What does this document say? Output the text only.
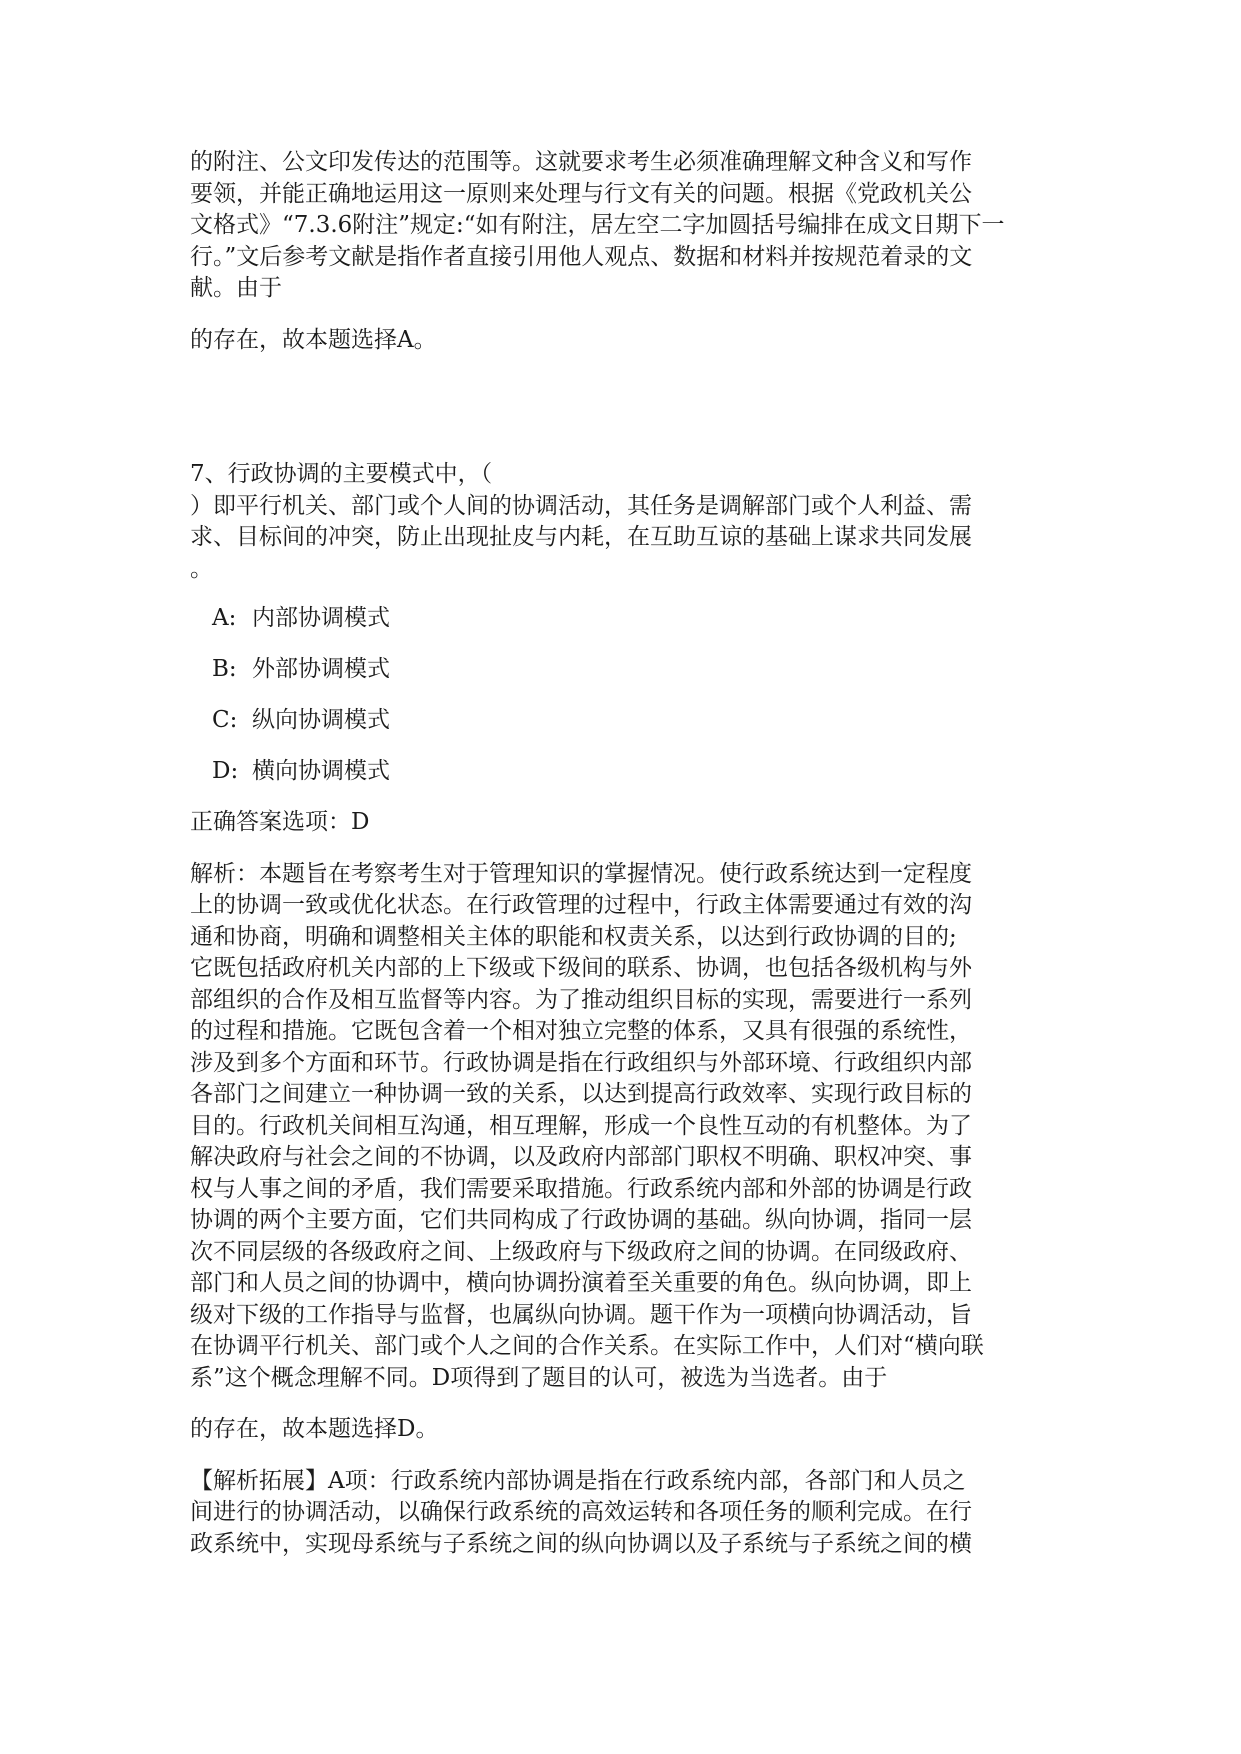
的附注、公文印发传达的范围等。这就要求考生必须准确理解文种含义和写作
要领，并能正确地运用这一原则来处理与行文有关的问题。根据《党政机关公
文格式》“7.3.6附注”规定:“如有附注，居左空二字加圆括号编排在成文日期下一
行。”文后参考文献是指作者直接引用他人观点、数据和材料并按规范着录的文
献。由于
的存在，故本题选择A。
7、行政协调的主要模式中，（
）即平行机关、部门或个人间的协调活动，其任务是调解部门或个人利益、需
求、目标间的冲突，防止出现扯皮与内耗，在互助互谅的基础上谋求共同发展
。
A: 内部协调模式
B: 外部协调模式
C: 纵向协调模式
D: 横向协调模式
正确答案选项：D
解析：本题旨在考察考生对于管理知识的掌握情况。使行政系统达到一定程度
上的协调一致或优化状态。在行政管理的过程中，行政主体需要通过有效的沟
通和协商，明确和调整相关主体的职能和权责关系，以达到行政协调的目的;
它既包括政府机关内部的上下级或下级间的联系、协调，也包括各级机构与外
部组织的合作及相互监督等内容。为了推动组织目标的实现，需要进行一系列
的过程和措施。它既包含着一个相对独立完整的体系，又具有很强的系统性，
涉及到多个方面和环节。行政协调是指在行政组织与外部环境、行政组织内部
各部门之间建立一种协调一致的关系，以达到提高行政效率、实现行政目标的
目的。行政机关间相互沟通，相互理解，形成一个良性互动的有机整体。为了
解决政府与社会之间的不协调，以及政府内部部门职权不明确、职权冲突、事
权与人事之间的矛盾，我们需要采取措施。行政系统内部和外部的协调是行政
协调的两个主要方面，它们共同构成了行政协调的基础。纵向协调，指同一层
次不同层级的各级政府之间、上级政府与下级政府之间的协调。在同级政府、
部门和人员之间的协调中，横向协调扮演着至关重要的角色。纵向协调，即上
级对下级的工作指导与监督，也属纵向协调。题干作为一项横向协调活动，旨
在协调平行机关、部门或个人之间的合作关系。在实际工作中，人们对“横向联
系”这个概念理解不同。D项得到了题目的认可，被选为当选者。由于
的存在，故本题选择D。
【解析拓展】A项：行政系统内部协调是指在行政系统内部，各部门和人员之
间进行的协调活动，以确保行政系统的高效运转和各项任务的顺利完成。在行
政系统中，实现母系统与子系统之间的纵向协调以及子系统与子系统之间的横
